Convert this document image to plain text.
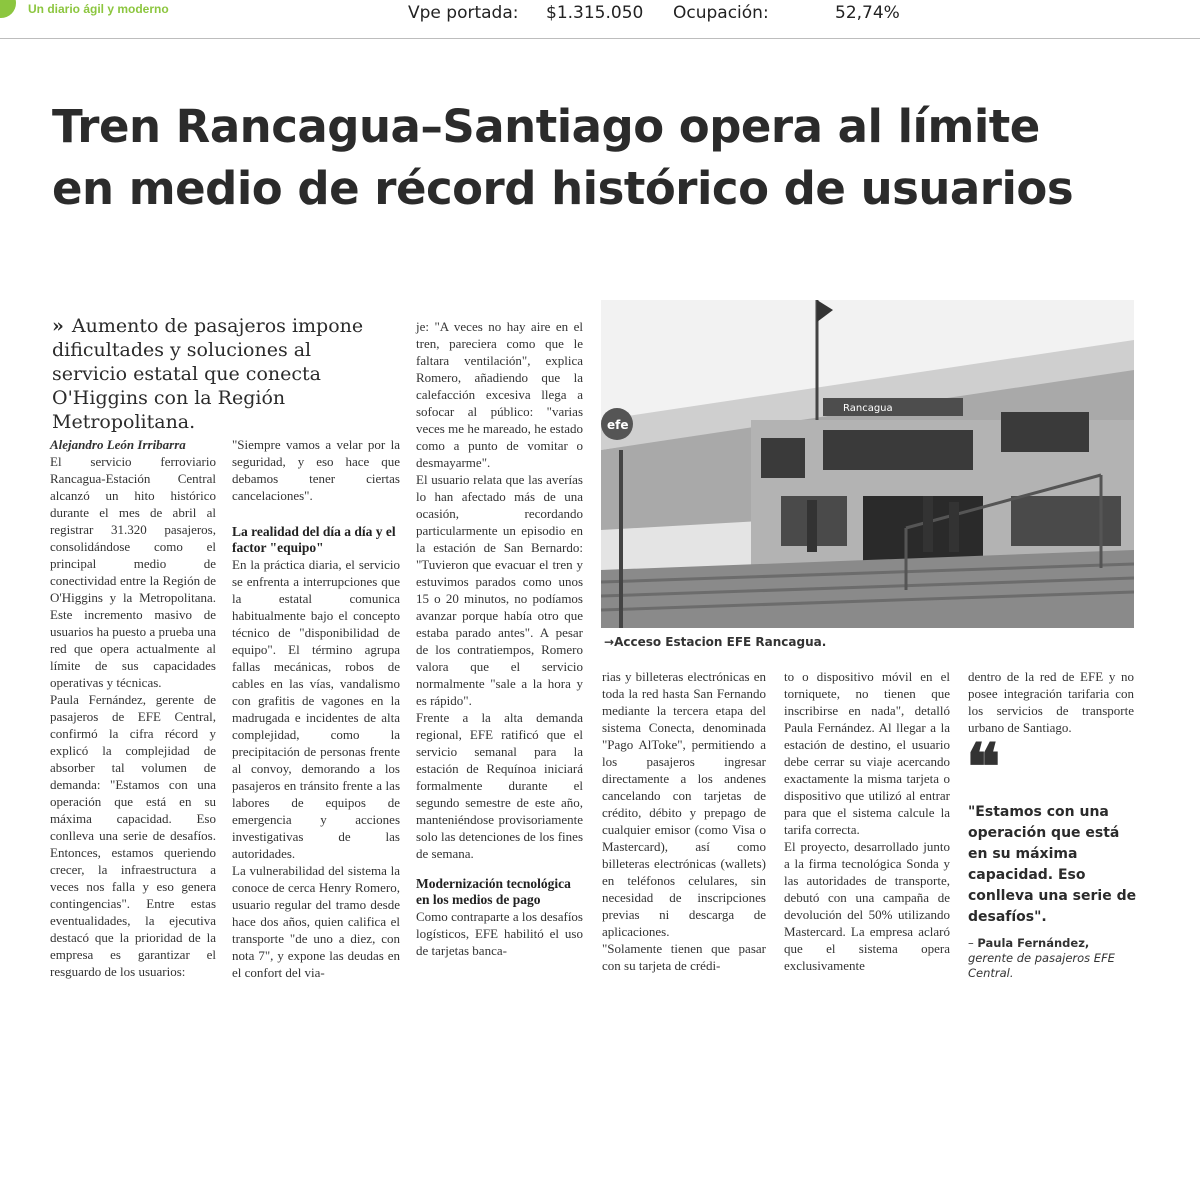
Un diario ágil y moderno	Vpe portada: $1.315.050 Ocupación:	52,74%
Tren Rancagua–Santiago opera al límite
en medio de récord histórico de usuarios

» Aumento de pasajeros impone dificultades y soluciones al servicio estatal que conecta O'Higgins con la Región Metropolitana.

Alejandro León Irribarra

El servicio ferroviario Rancagua-Estación Central alcanzó un hito histórico durante el mes de abril al registrar 31.320 pasajeros, consolidándose como el principal medio de conectividad entre la Región de O'Higgins y la Metropolitana. Este incremento masivo de usuarios ha puesto a prueba una red que opera actualmente al límite de sus capacidades operativas y técnicas.

Paula Fernández, gerente de pasajeros de EFE Central, confirmó la cifra récord y explicó la complejidad de absorber tal volumen de demanda: "Estamos con una operación que está en su máxima capacidad. Eso conlleva una serie de desafíos. Entonces, estamos queriendo crecer, la infraestructura a veces nos falla y eso genera contingencias". Entre estas eventualidades, la ejecutiva destacó que la prioridad de la empresa es garantizar el resguardo de los usuarios:

"Siempre vamos a velar por la seguridad, y eso hace que debamos tener ciertas cancelaciones".

La realidad del día a día y el factor "equipo"

En la práctica diaria, el servicio se enfrenta a interrupciones que la estatal comunica habitualmente bajo el concepto técnico de "disponibilidad de equipo". El término agrupa fallas mecánicas, robos de cables en las vías, vandalismo con grafitis de vagones en la madrugada e incidentes de alta complejidad, como la precipitación de personas frente al convoy, demorando a los pasajeros en tránsito frente a las labores de equipos de emergencia y acciones investigativas de las autoridades.

La vulnerabilidad del sistema la conoce de cerca Henry Romero, usuario regular del tramo desde hace dos años, quien califica el transporte "de uno a diez, con nota 7", y expone las deudas en el confort del via-

je: "A veces no hay aire en el tren, pareciera como que le faltara ventilación", explica Romero, añadiendo que la calefacción excesiva llega a sofocar al público: "varias veces me he mareado, he estado como a punto de vomitar o desmayarme".

El usuario relata que las averías lo han afectado más de una ocasión, recordando particularmente un episodio en la estación de San Bernardo: "Tuvieron que evacuar el tren y estuvimos parados como unos 15 o 20 minutos, no podíamos avanzar porque había otro que estaba parado antes". A pesar de los contratiempos, Romero valora que el servicio normalmente "sale a la hora y es rápido".

Frente a la alta demanda regional, EFE ratificó que el servicio semanal para la estación de Requínoa iniciará formalmente durante el segundo semestre de este año, manteniéndose provisoriamente solo las detenciones de los fines de semana.

Modernización tecnológica en los medios de pago

Como contraparte a los desafíos logísticos, EFE habilitó el uso de tarjetas banca-

efe
Rancagua
→Acceso Estacion EFE Rancagua.

rias y billeteras electrónicas en toda la red hasta San Fernando mediante la tercera etapa del sistema Conecta, denominada "Pago AlToke", permitiendo a los pasajeros ingresar directamente a los andenes cancelando con tarjetas de crédito, débito y prepago de cualquier emisor (como Visa o Mastercard), así como billeteras electrónicas (wallets) en teléfonos celulares, sin necesidad de inscripciones previas ni descarga de aplicaciones.

"Solamente tienen que pasar con su tarjeta de crédi-

to o dispositivo móvil en el torniquete, no tienen que inscribirse en nada", detalló Paula Fernández. Al llegar a la estación de destino, el usuario debe cerrar su viaje acercando exactamente la misma tarjeta o dispositivo que utilizó al entrar para que el sistema calcule la tarifa correcta.

El proyecto, desarrollado junto a la firma tecnológica Sonda y las autoridades de transporte, debutó con una campaña de devolución del 50% utilizando Mastercard. La empresa aclaró que el sistema opera exclusivamente

dentro de la red de EFE y no posee integración tarifaria con los servicios de transporte urbano de Santiago.

❝

"Estamos con una operación que está en su máxima capacidad. Eso conlleva una serie de desafíos".

– Paula Fernández,
gerente de pasajeros EFE Central.
